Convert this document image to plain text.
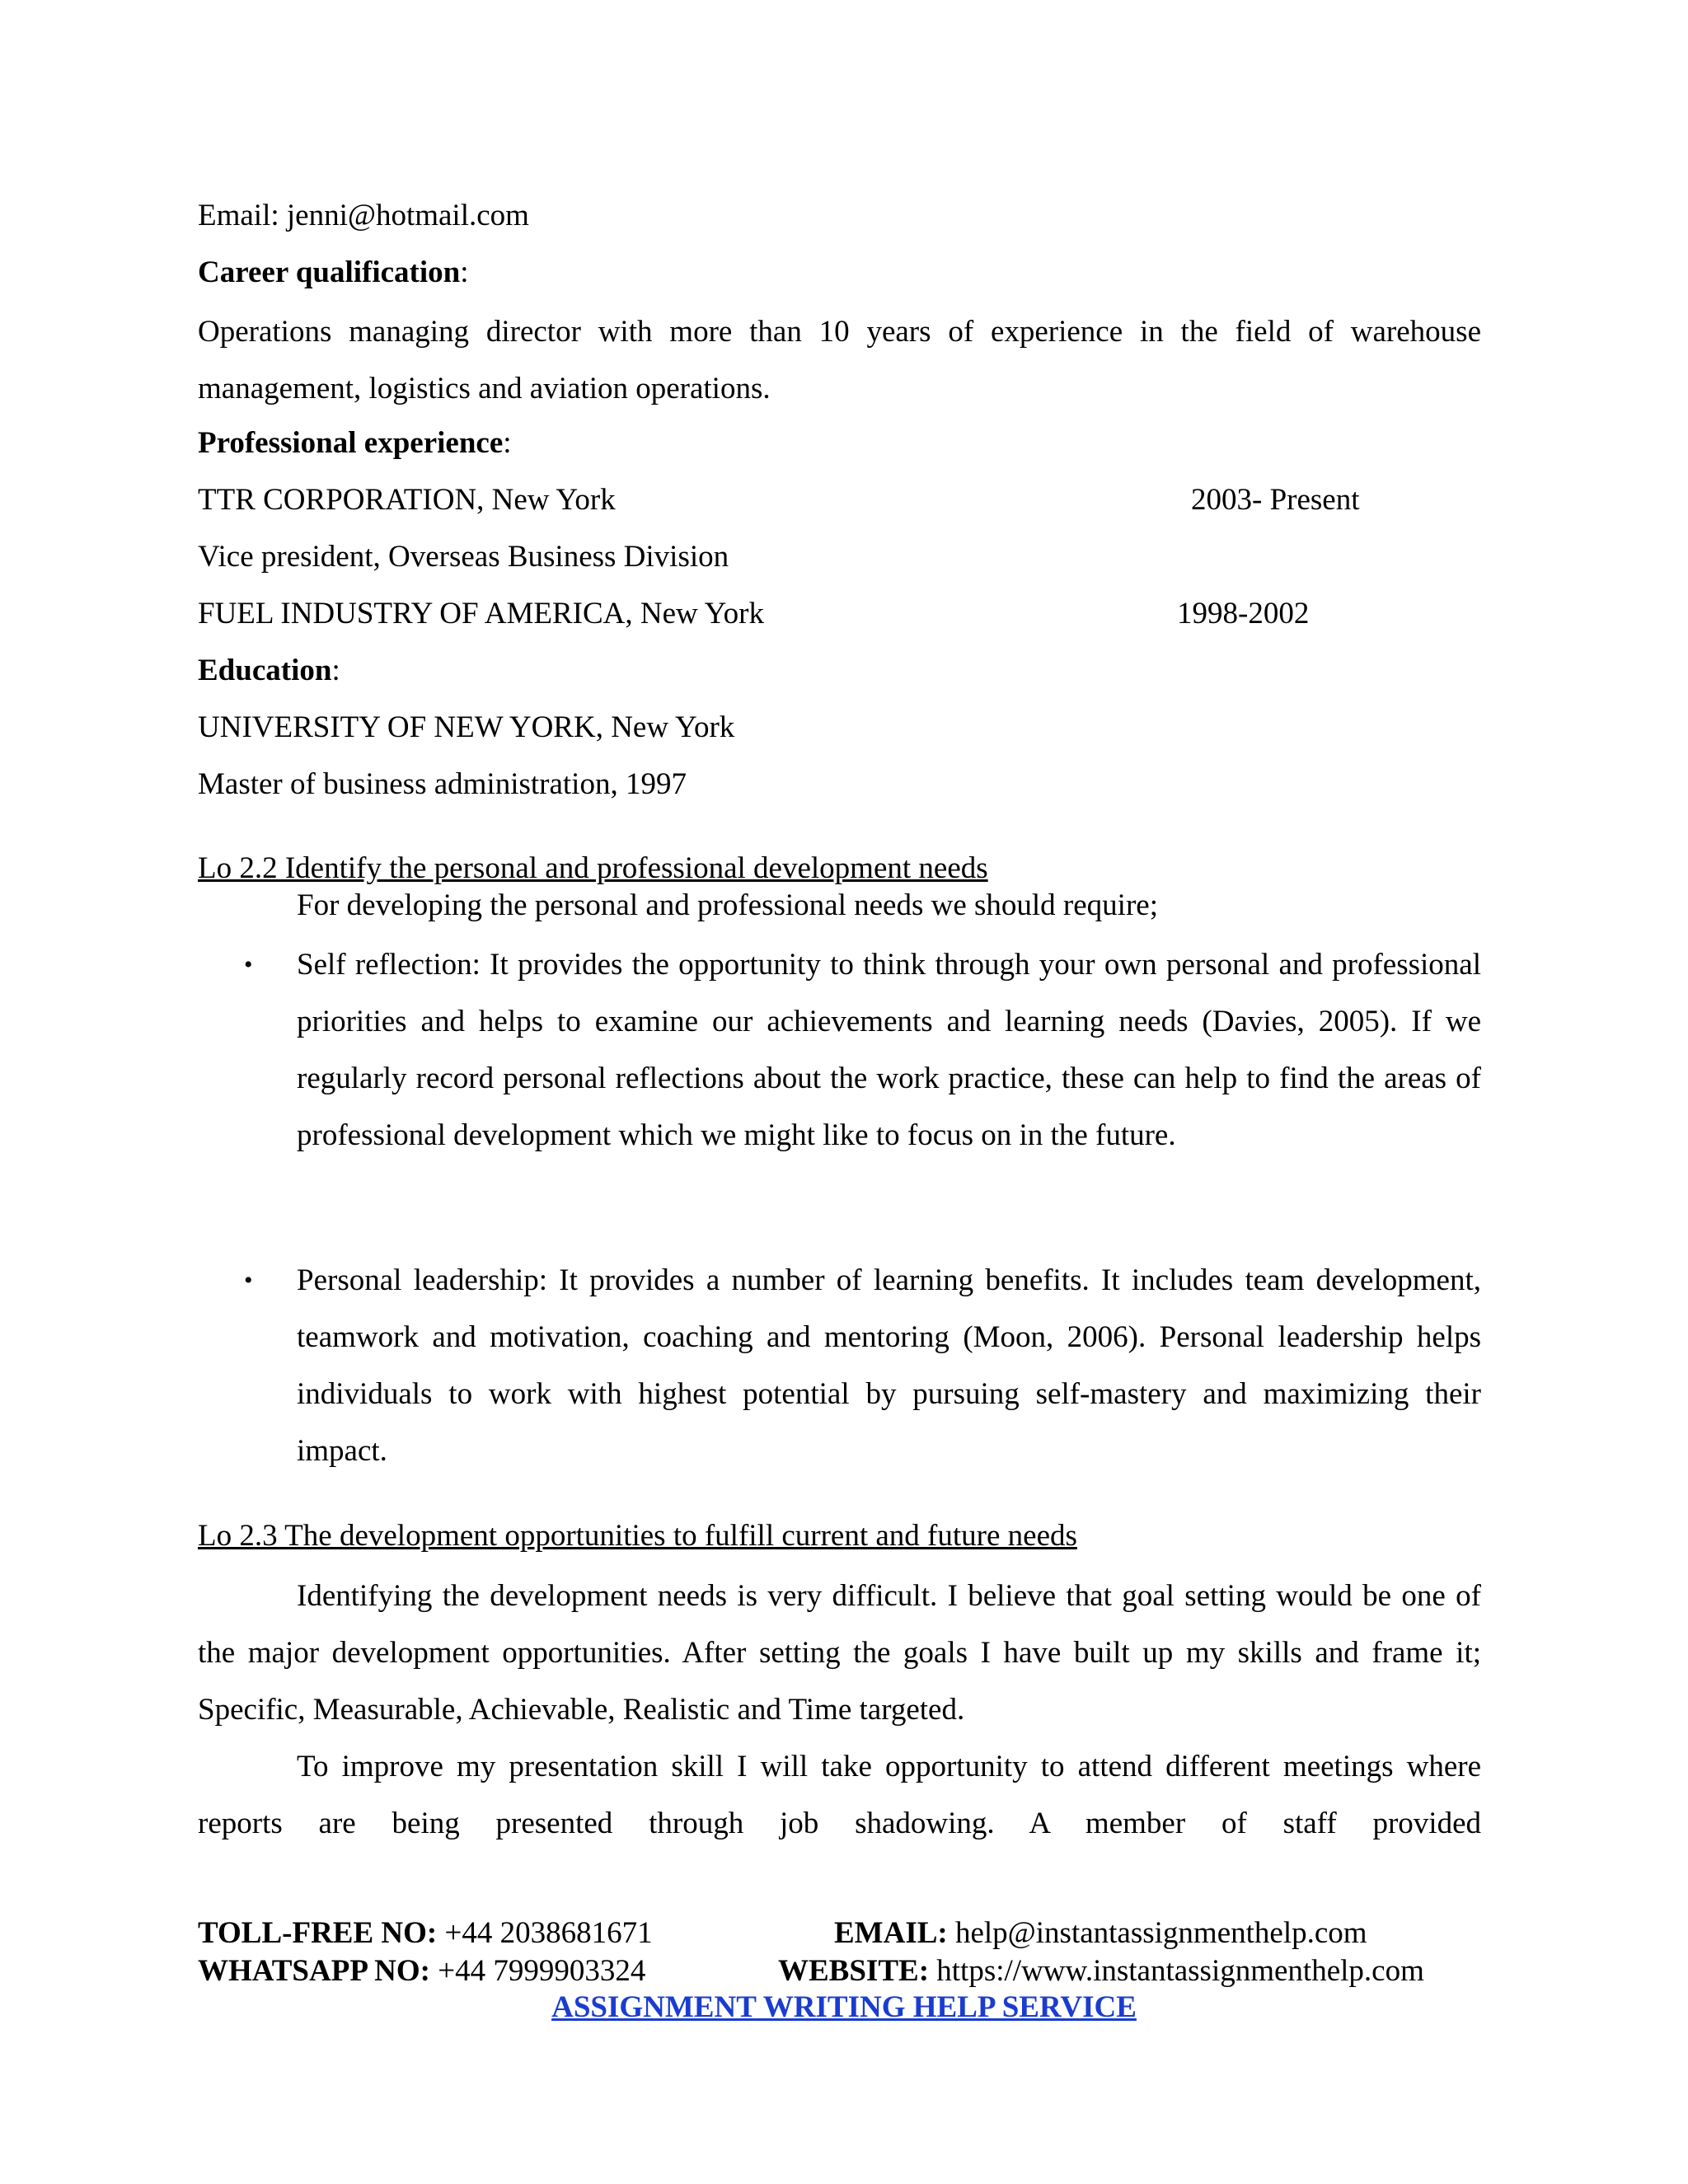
Email: jenni@hotmail.com
Career qualification:
Operations managing director with more than 10 years of experience in the field of warehouse management, logistics and aviation operations.
Professional experience:
TTR CORPORATION, New York	2003- Present
Vice president, Overseas Business Division
FUEL INDUSTRY OF AMERICA, New York	1998-2002
Education:
UNIVERSITY OF NEW YORK, New York
Master of business administration, 1997
Lo 2.2 Identify the personal and professional development needs
For developing the personal and professional needs we should require;
• Self reflection: It provides the opportunity to think through your own personal and professional priorities and helps to examine our achievements and learning needs (Davies, 2005). If we regularly record personal reflections about the work practice, these can help to find the areas of professional development which we might like to focus on in the future.
• Personal leadership: It provides a number of learning benefits. It includes team development, teamwork and motivation, coaching and mentoring (Moon, 2006). Personal leadership helps individuals to work with highest potential by pursuing self-mastery and maximizing their impact.
Lo 2.3 The development opportunities to fulfill current and future needs
Identifying the development needs is very difficult. I believe that goal setting would be one of the major development opportunities. After setting the goals I have built up my skills and frame it; Specific, Measurable, Achievable, Realistic and Time targeted.
To improve my presentation skill I will take opportunity to attend different meetings where reports are being presented through job shadowing. A member of staff provided
TOLL-FREE NO: +44 2038681671	EMAIL: help@instantassignmenthelp.com
WHATSAPP NO: +44 7999903324	WEBSITE: https://www.instantassignmenthelp.com
ASSIGNMENT WRITING HELP SERVICE
